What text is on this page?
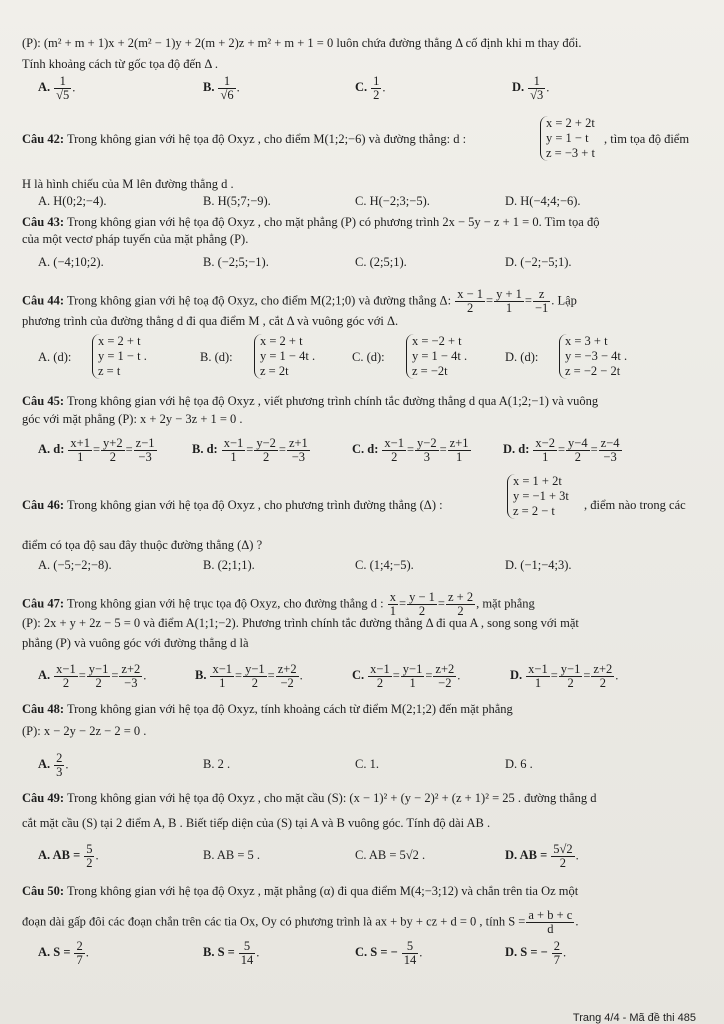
(P): (m² + m + 1)x + 2(m² − 1)y + 2(m + 2)z + m² + m + 1 = 0 luôn chứa đường thẳng Δ cố định khi m thay đổi.
Tính khoảng cách từ gốc tọa độ đến Δ .
A. $\frac{1}{√5}$ .	B. $\frac{1}{√6}$ .	C. $\frac{1}{2}$ .	D. $\frac{1}{√3}$ .
Câu 42: Trong không gian với hệ tọa độ Oxyz , cho điểm M(1;2;−6) và đường thẳng: d :
x = 2 + 2t
y = 1 − t
z = −3 + t
, tìm tọa độ điểm
H là hình chiếu của M lên đường thẳng d .
A. H(0;2;−4).	B. H(5;7;−9).	C. H(−2;3;−5).	D. H(−4;4;−6).
Câu 43: Trong không gian với hệ tọa độ Oxyz , cho mặt phẳng (P) có phương trình 2x − 5y − z + 1 = 0. Tìm tọa độ
của một vectơ pháp tuyến của mặt phẳng (P).
A. (−4;10;2).	B. (−2;5;−1).	C. (2;5;1).	D. (−2;−5;1).
Câu 44: Trong không gian với hệ toạ độ Oxyz, cho điểm M(2;1;0) và đường thẳng Δ: $\frac{x - 1}{2} = \frac{y + 1}{1} = \frac{z}{-1}$ . Lập
phương trình của đường thẳng d đi qua điểm M , cắt Δ và vuông góc với Δ.
A. (d):
x = 2 + t
y = 1 − t .
z = t
B. (d):
x = 2 + t
y = 1 − 4t .
z = 2t
C. (d):
x = −2 + t
y = 1 − 4t .
z = −2t
D. (d):
x = 3 + t
y = −3 − 4t .
z = −2 − 2t
Câu 45: Trong không gian với hệ tọa độ Oxyz , viết phương trình chính tắc đường thẳng d qua A(1;2;−1) và vuông
góc với mặt phẳng (P): x + 2y − 3z + 1 = 0 .
A. d: $\frac{x+1}{1} = \frac{y+2}{2} = \frac{z-1}{-3}$	B. d: $\frac{x-1}{1} = \frac{y-2}{2} = \frac{z+1}{-3}$	C. d: $\frac{x-1}{2} = \frac{y-2}{3} = \frac{z+1}{1}$	D. d: $\frac{x-2}{1} = \frac{y-4}{2} = \frac{z-4}{-3}$
Câu 46: Trong không gian với hệ tọa độ Oxyz , cho phương trình đường thẳng (Δ) :
x = 1 + 2t
y = −1 + 3t
z = 2 − t	, điểm nào trong các
điểm có tọa độ sau đây thuộc đường thẳng (Δ) ?
A. (−5;−2;−8).	B. (2;1;1).	C. (1;4;−5).	D. (−1;−4;3).
Câu 47: Trong không gian với hệ trục tọa độ Oxyz, cho đường thẳng d : $\frac{x}{1} = \frac{y - 1}{2} = \frac{z + 2}{2}$ , mặt phẳng
(P): 2x + y + 2z − 5 = 0 và điểm A(1;1;−2). Phương trình chính tắc đường thẳng Δ đi qua A , song song với mặt
phẳng (P) và vuông góc với đường thẳng d là
A. $\frac{x-1}{2} = \frac{y-1}{2} = \frac{z+2}{-3}$ .	B. $\frac{x-1}{1} = \frac{y-1}{2} = \frac{z+2}{-2}$ .	C. $\frac{x-1}{2} = \frac{y-1}{1} = \frac{z+2}{-2}$ .	D. $\frac{x-1}{1} = \frac{y-1}{2} = \frac{z+2}{2}$ .
Câu 48: Trong không gian với hệ tọa độ Oxyz, tính khoảng cách từ điểm M(2;1;2) đến mặt phẳng
(P): x − 2y − 2z − 2 = 0 .
A. $\frac{2}{3}$ .	B. 2 .	C. 1.	D. 6 .
Câu 49: Trong không gian với hệ tọa độ Oxyz , cho mặt cầu (S): (x − 1)² + (y − 2)² + (z + 1)² = 25 . đường thẳng d
cắt mặt cầu (S) tại 2 điểm A, B . Biết tiếp diện của (S) tại A và B vuông góc. Tính độ dài AB .
A. AB = $\frac{5}{2}$ .	B. AB = 5 .	C. AB = 5√2 .	D. AB = $\frac{5√2}{2}$ .
Câu 50: Trong không gian với hệ tọa độ Oxyz , mặt phẳng (α) đi qua điểm M(4;−3;12) và chắn trên tia Oz một
đoạn dài gấp đôi các đoạn chắn trên các tia Ox, Oy có phương trình là ax + by + cz + d = 0 , tính $S = \frac{a + b + c}{d}$ .
A. $S = \frac{2}{7}$ .	B. $S = \frac{5}{14}$ .	C. S = − $\frac{5}{14}$ .	D. S = − $\frac{2}{7}$ .
Trang 4/4 - Mã đề thi 485
